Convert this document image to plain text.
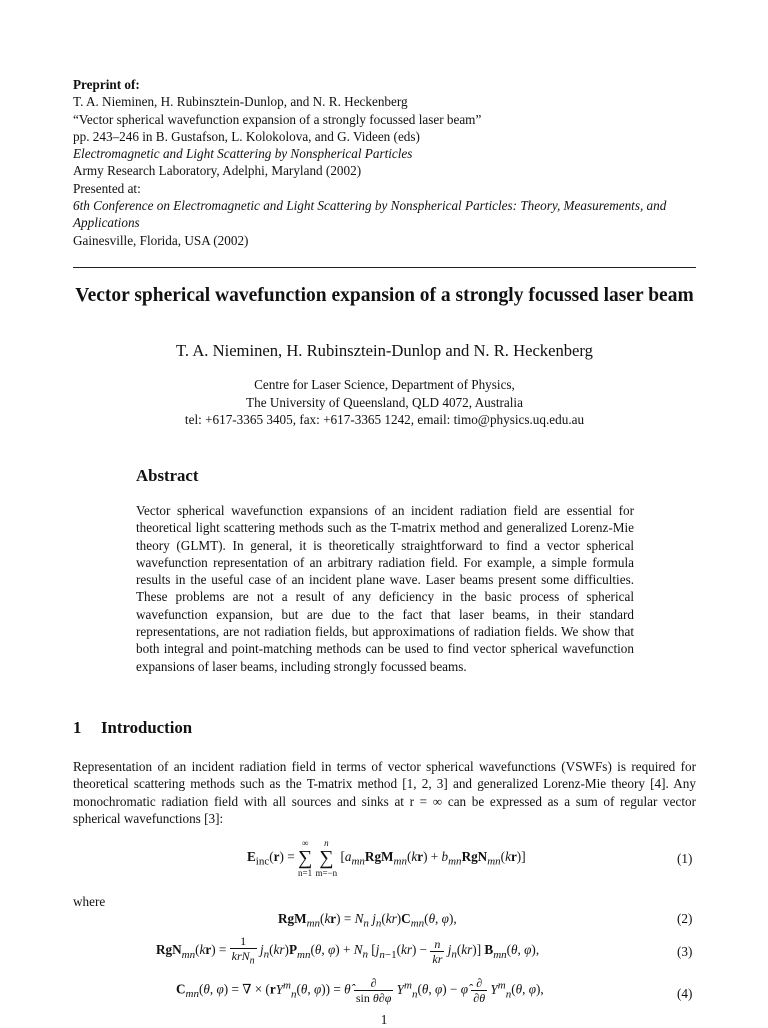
Preprint of:
T. A. Nieminen, H. Rubinsztein-Dunlop, and N. R. Heckenberg
“Vector spherical wavefunction expansion of a strongly focussed laser beam”
pp. 243–246 in B. Gustafson, L. Kolokolova, and G. Videen (eds)
Electromagnetic and Light Scattering by Nonspherical Particles
Army Research Laboratory, Adelphi, Maryland (2002)
Presented at:
6th Conference on Electromagnetic and Light Scattering by Nonspherical Particles: Theory, Measurements, and Applications
Gainesville, Florida, USA (2002)
Vector spherical wavefunction expansion of a strongly focussed laser beam
T. A. Nieminen, H. Rubinsztein-Dunlop and N. R. Heckenberg
Centre for Laser Science, Department of Physics,
The University of Queensland, QLD 4072, Australia
tel: +617-3365 3405, fax: +617-3365 1242, email: timo@physics.uq.edu.au
Abstract
Vector spherical wavefunction expansions of an incident radiation field are essential for theoretical light scattering methods such as the T-matrix method and generalized Lorenz-Mie theory (GLMT). In general, it is theoretically straightforward to find a vector spherical wavefunction representation of an arbitrary radiation field. For example, a simple formula results in the useful case of an incident plane wave. Laser beams present some difficulties. These problems are not a result of any deficiency in the basic process of spherical wavefunction expansion, but are due to the fact that laser beams, in their standard representations, are not radiation fields, but approximations of radiation fields. We show that both integral and point-matching methods can be used to find vector spherical wavefunction expansions of laser beams, including strongly focussed beams.
1 Introduction
Representation of an incident radiation field in terms of vector spherical wavefunctions (VSWFs) is required for theoretical scattering methods such as the T-matrix method [1, 2, 3] and generalized Lorenz-Mie theory [4]. Any monochromatic radiation field with all sources and sinks at r = ∞ can be expressed as a sum of regular vector spherical wavefunctions [3]:
$E_{inc}(r)$ =
∞
∑
n=1

n
∑
m=−n
$[a_{mn}RgM_{mn}(kr) + b_{mn}RgN_{mn}(kr)]$	(1)
where
$RgM_{mn}(kr) = N_n$ $j_n(kr)C_{mn}(\theta$, φ),	(2)
$RgN_{mn}(kr) = \frac{1}{krN_n} j_n(kr)P_{mn}(\theta$, $\varphi) + N_n$ $[j_{n-1}(kr) - \frac{n}{kr} j_n(kr)]$ $B_{mn}(\theta$, φ),	(3)
$C_{mn}(\theta$, φ) = ∇ × ($rY^m_n(\theta$, φ)) = θ̂ $\frac{\partial}{\text{sin θ∂φ}} Y^m_n(\theta$, φ) − φ̂ $\frac{\partial}{\partial\theta} Y^m_n(\theta$, φ),	(4)
1
